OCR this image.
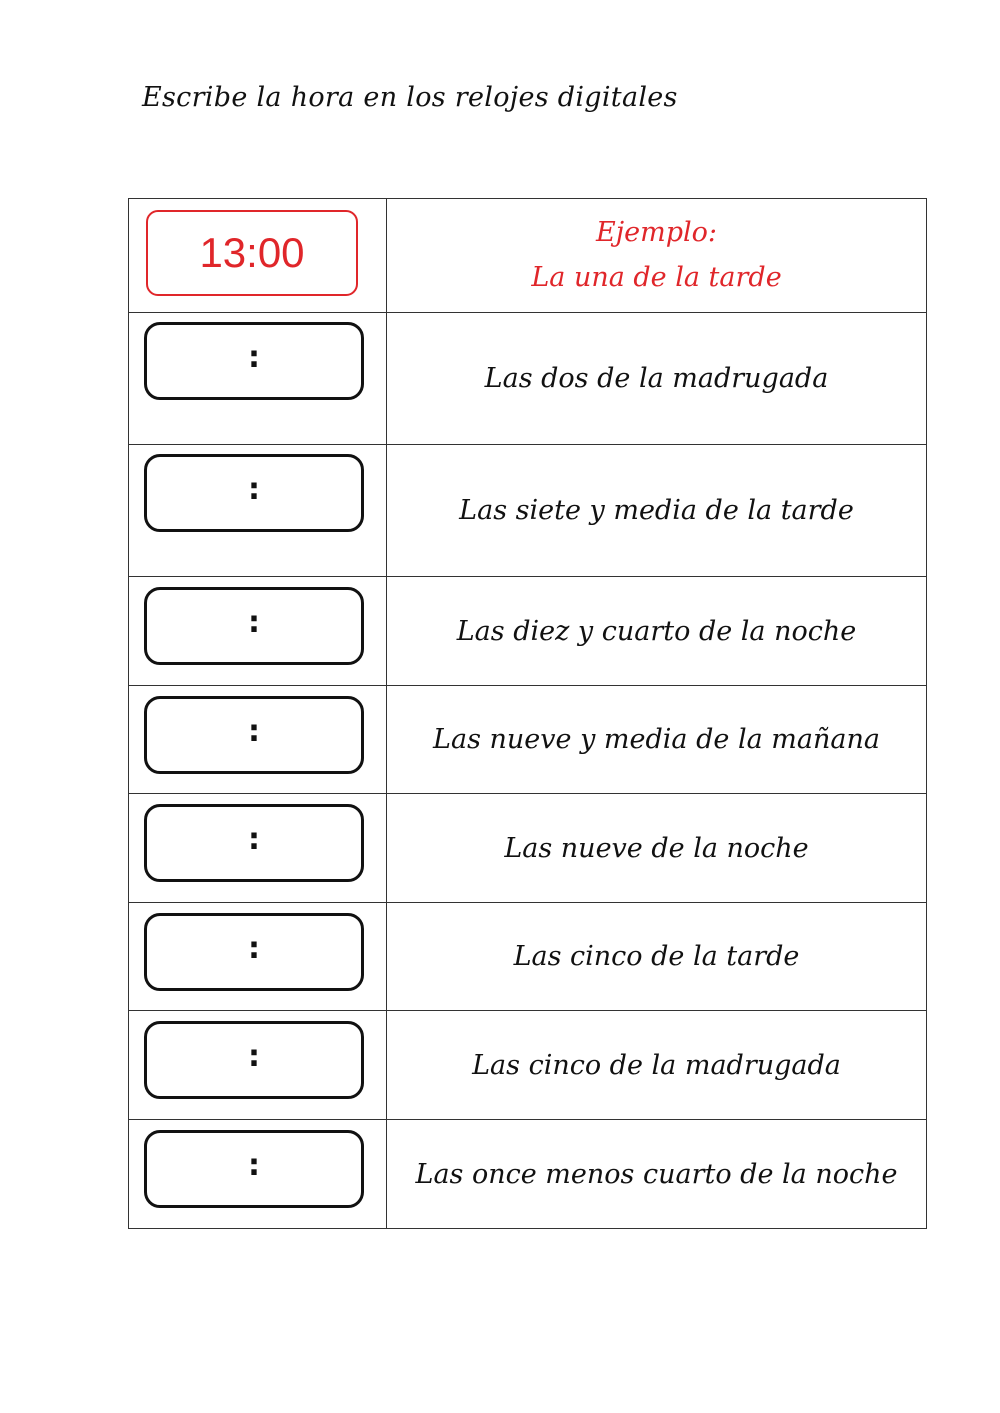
Escribe la hora en los relojes digitales
13:00	Ejemplo:
La una de la tarde

:	Las dos de la madrugada

:	Las siete y media de la tarde

:	Las diez y cuarto de la noche

:	Las nueve y media de la mañana

:	Las nueve de la noche

:	Las cinco de la tarde

:	Las cinco de la madrugada

:	Las once menos cuarto de la noche
